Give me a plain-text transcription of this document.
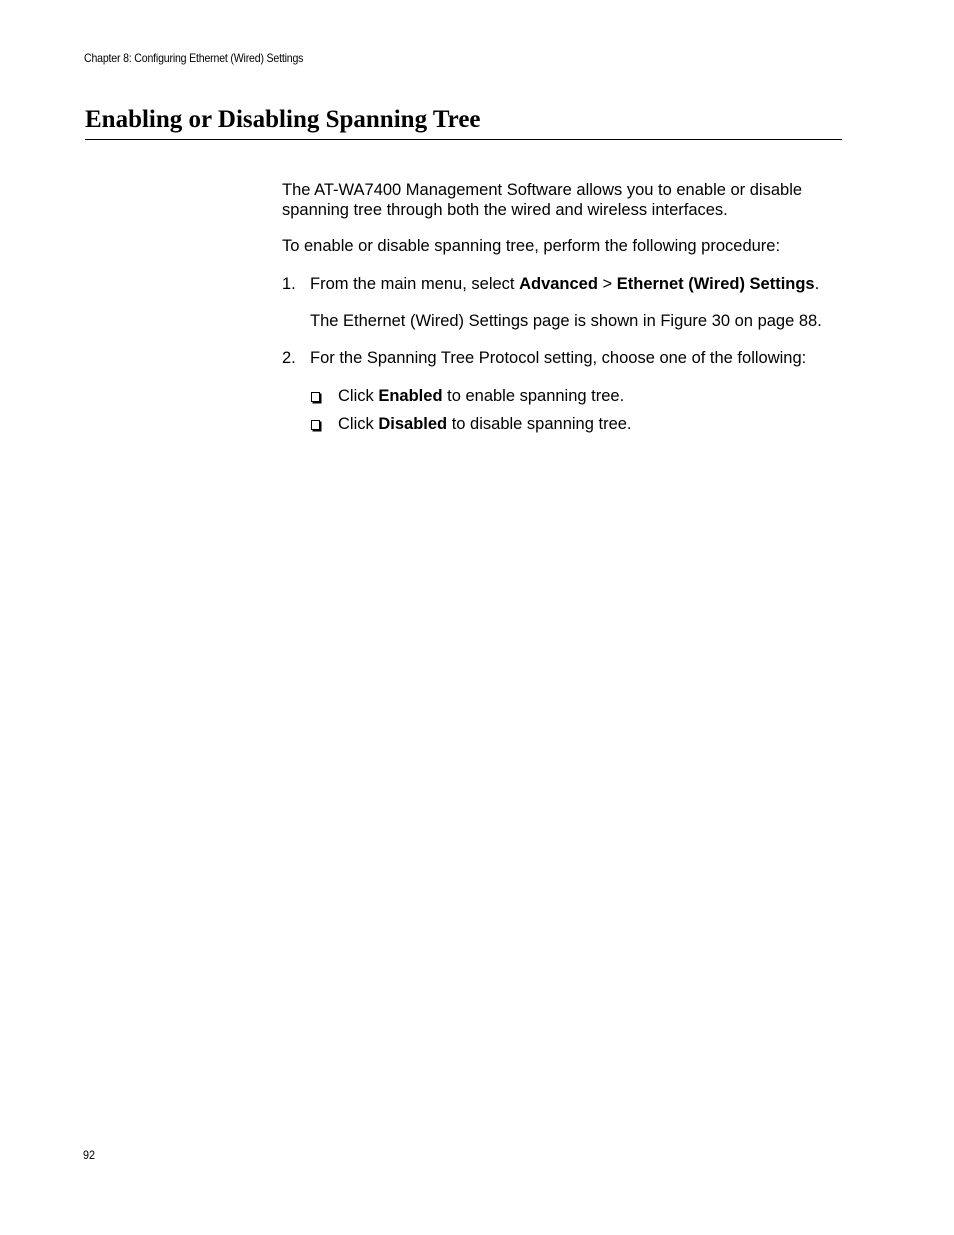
Chapter 8: Configuring Ethernet (Wired) Settings
Enabling or Disabling Spanning Tree
The AT-WA7400 Management Software allows you to enable or disable
spanning tree through both the wired and wireless interfaces.
To enable or disable spanning tree, perform the following procedure:
1. From the main menu, select Advanced > Ethernet (Wired) Settings.
The Ethernet (Wired) Settings page is shown in Figure 30 on page 88.
2. For the Spanning Tree Protocol setting, choose one of the following:
Click Enabled to enable spanning tree.
Click Disabled to disable spanning tree.
92
